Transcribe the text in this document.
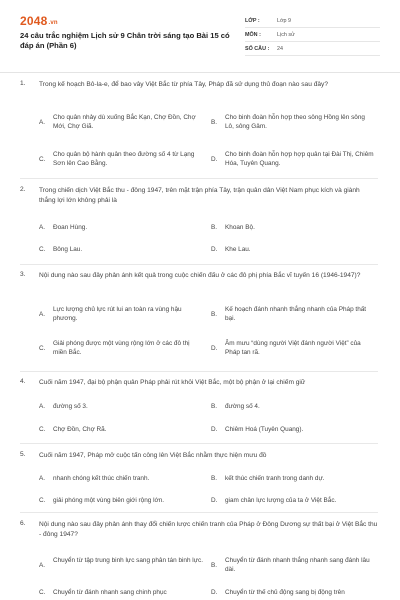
2048.vn
24 câu trắc nghiệm Lịch sử 9 Chân trời sáng tạo Bài 15 có đáp án (Phần 6)
LỚP :	Lớp 9
MÔN :	Lịch sử
SỐ CÂU :	24
1. Trong kế hoạch Bô-la-e, để bao vây Việt Bắc từ phía Tây, Pháp đã sử dụng thủ đoạn nào sau đây?
A.
Cho quân nhảy dù xuống Bắc Kạn, Chợ Đồn, Chợ Mới, Chợ Giã.
B.
Cho binh đoàn hỗn hợp theo sông Hồng lên sông Lô, sông Gâm.
C.
Cho quân bộ hành quân theo đường số 4 từ Lạng Sơn lên Cao Bằng.
D.
Cho binh đoàn hỗn hợp hợp quân tại Đài Thị, Chiêm Hóa, Tuyên Quang.
2. Trong chiến dịch Việt Bắc thu - đông 1947, trên mặt trận phía Tây, trận quân dân Việt Nam phục kích và giành thắng lợi lớn không phải là
A. Đoan Hùng.	B. Khoan Bộ.
C. Bông Lau.	D. Khe Lau.
3. Nội dung nào sau đây phản ánh kết quả trong cuộc chiến đấu ở các đô phị phía Bắc vĩ tuyến 16 (1946-1947)?
A.
Lực lượng chủ lực rút lui an toàn ra vùng hậu phương.
B.
Kế hoạch đánh nhanh thắng nhanh của Pháp thất bại.
C.
Giải phóng được một vùng rộng lớn ở các đô thị miền Bắc.
D.
Âm mưu “dùng người Việt đánh người Việt” của Pháp tan rã.
4. Cuối năm 1947, đại bộ phận quân Pháp phải rút khỏi Việt Bắc, một bộ phận ở lại chiếm giữ
A. đường số 3.	B. đường số 4.
C. Chợ Đồn, Chợ Rã.	D. Chiêm Hoá (Tuyên Quang).
5. Cuối năm 1947, Pháp mở cuộc tấn công lên Việt Bắc nhằm thực hiện mưu đồ
A. nhanh chóng kết thúc chiến tranh.	B. kết thúc chiến tranh trong danh dự.
C. giải phóng một vùng biên giới rộng lớn.	D. giam chân lực lượng của ta ở Việt Bắc.
6. Nội dung nào sau đây phản ánh thay đổi chiến lược chiến tranh của Pháp ở Đông Dương sự thất bại ở Việt Bắc thu - đông 1947?
A.
Chuyển từ tập trung binh lực sang phân tán binh lực.
B.
Chuyển từ đánh nhanh thắng nhanh sang đánh lâu dài.
C. Chuyển từ đánh nhanh sang chinh phục	D. Chuyển từ thế chủ động sang bị động trên
